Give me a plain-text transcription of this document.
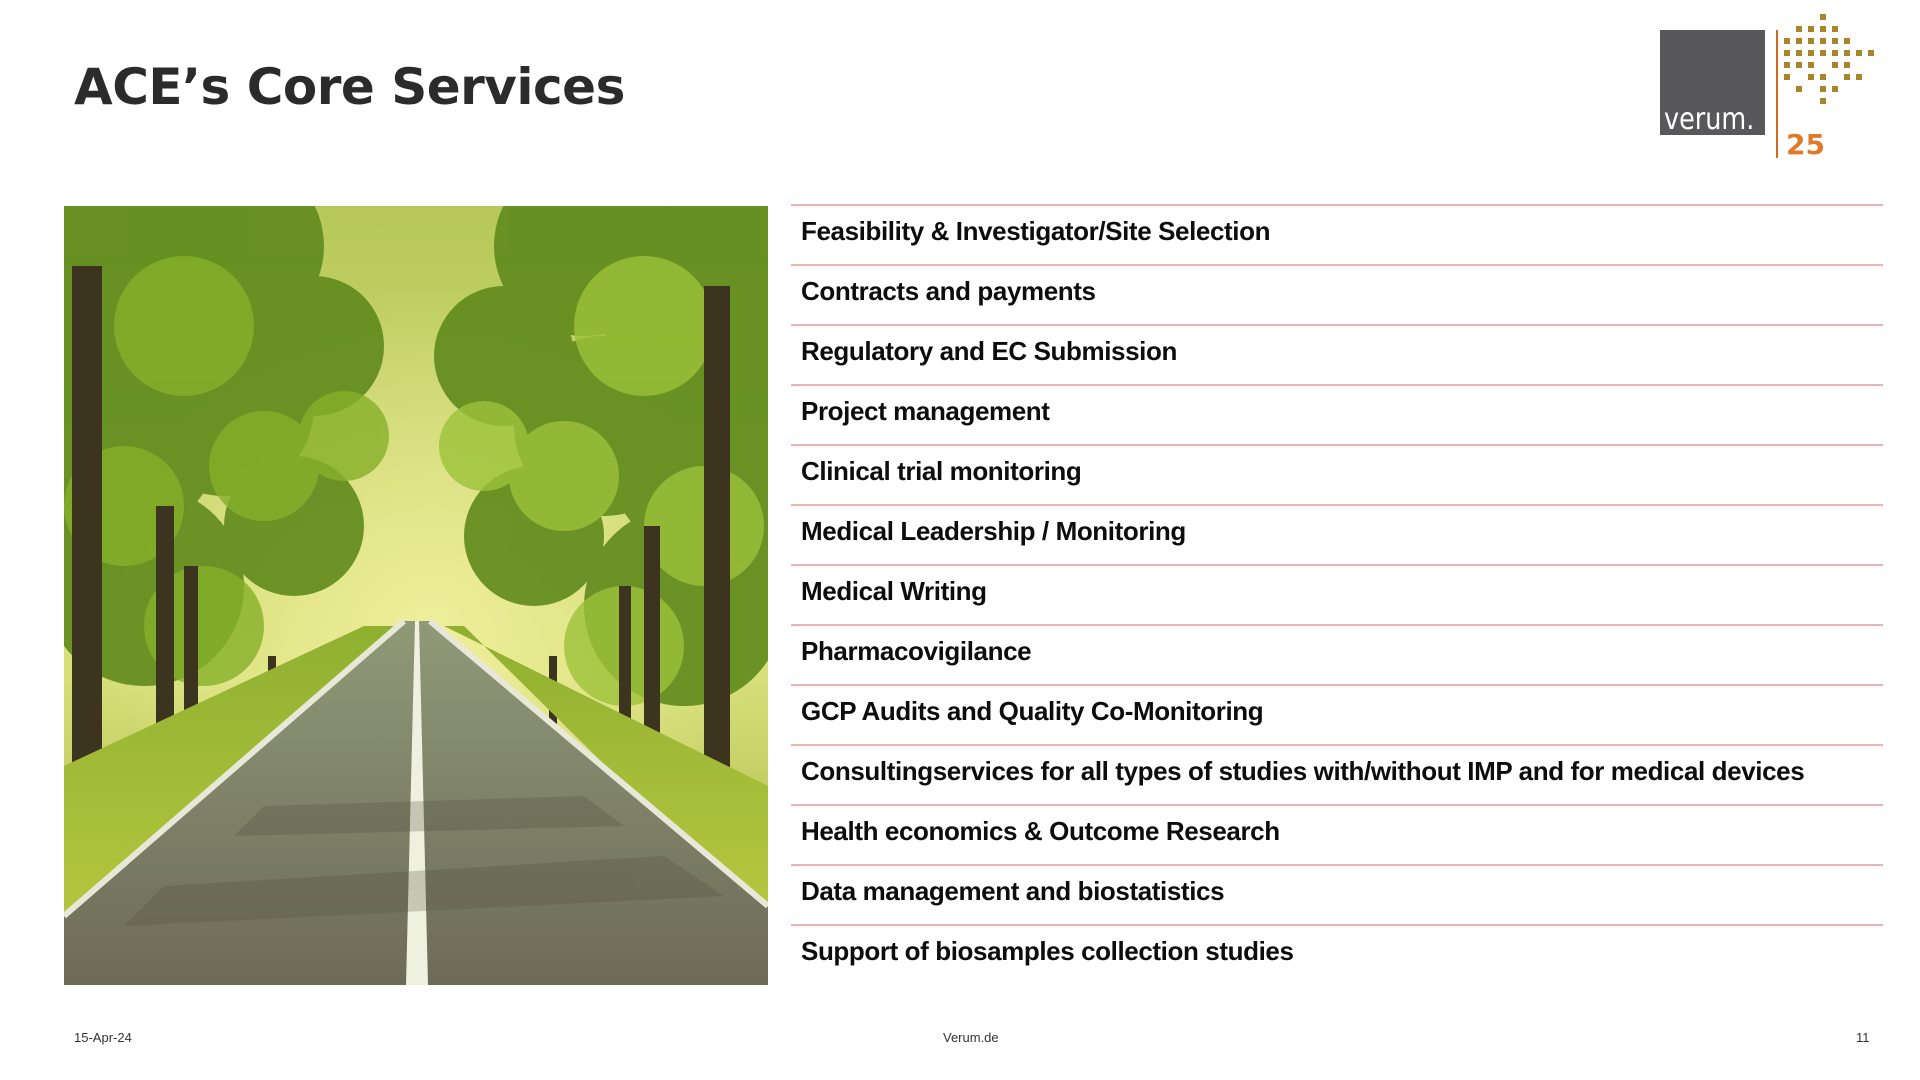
ACE’s Core Services
verum.
25
Feasibility & Investigator/Site Selection
Contracts and payments
Regulatory and EC Submission
Project management
Clinical trial monitoring
Medical Leadership / Monitoring
Medical Writing
Pharmacovigilance
GCP Audits and Quality Co-Monitoring
Consultingservices for all types of studies with/without IMP and for medical devices
Health economics & Outcome Research
Data management and biostatistics
Support of biosamples collection studies
15-Apr-24	Verum.de	11
